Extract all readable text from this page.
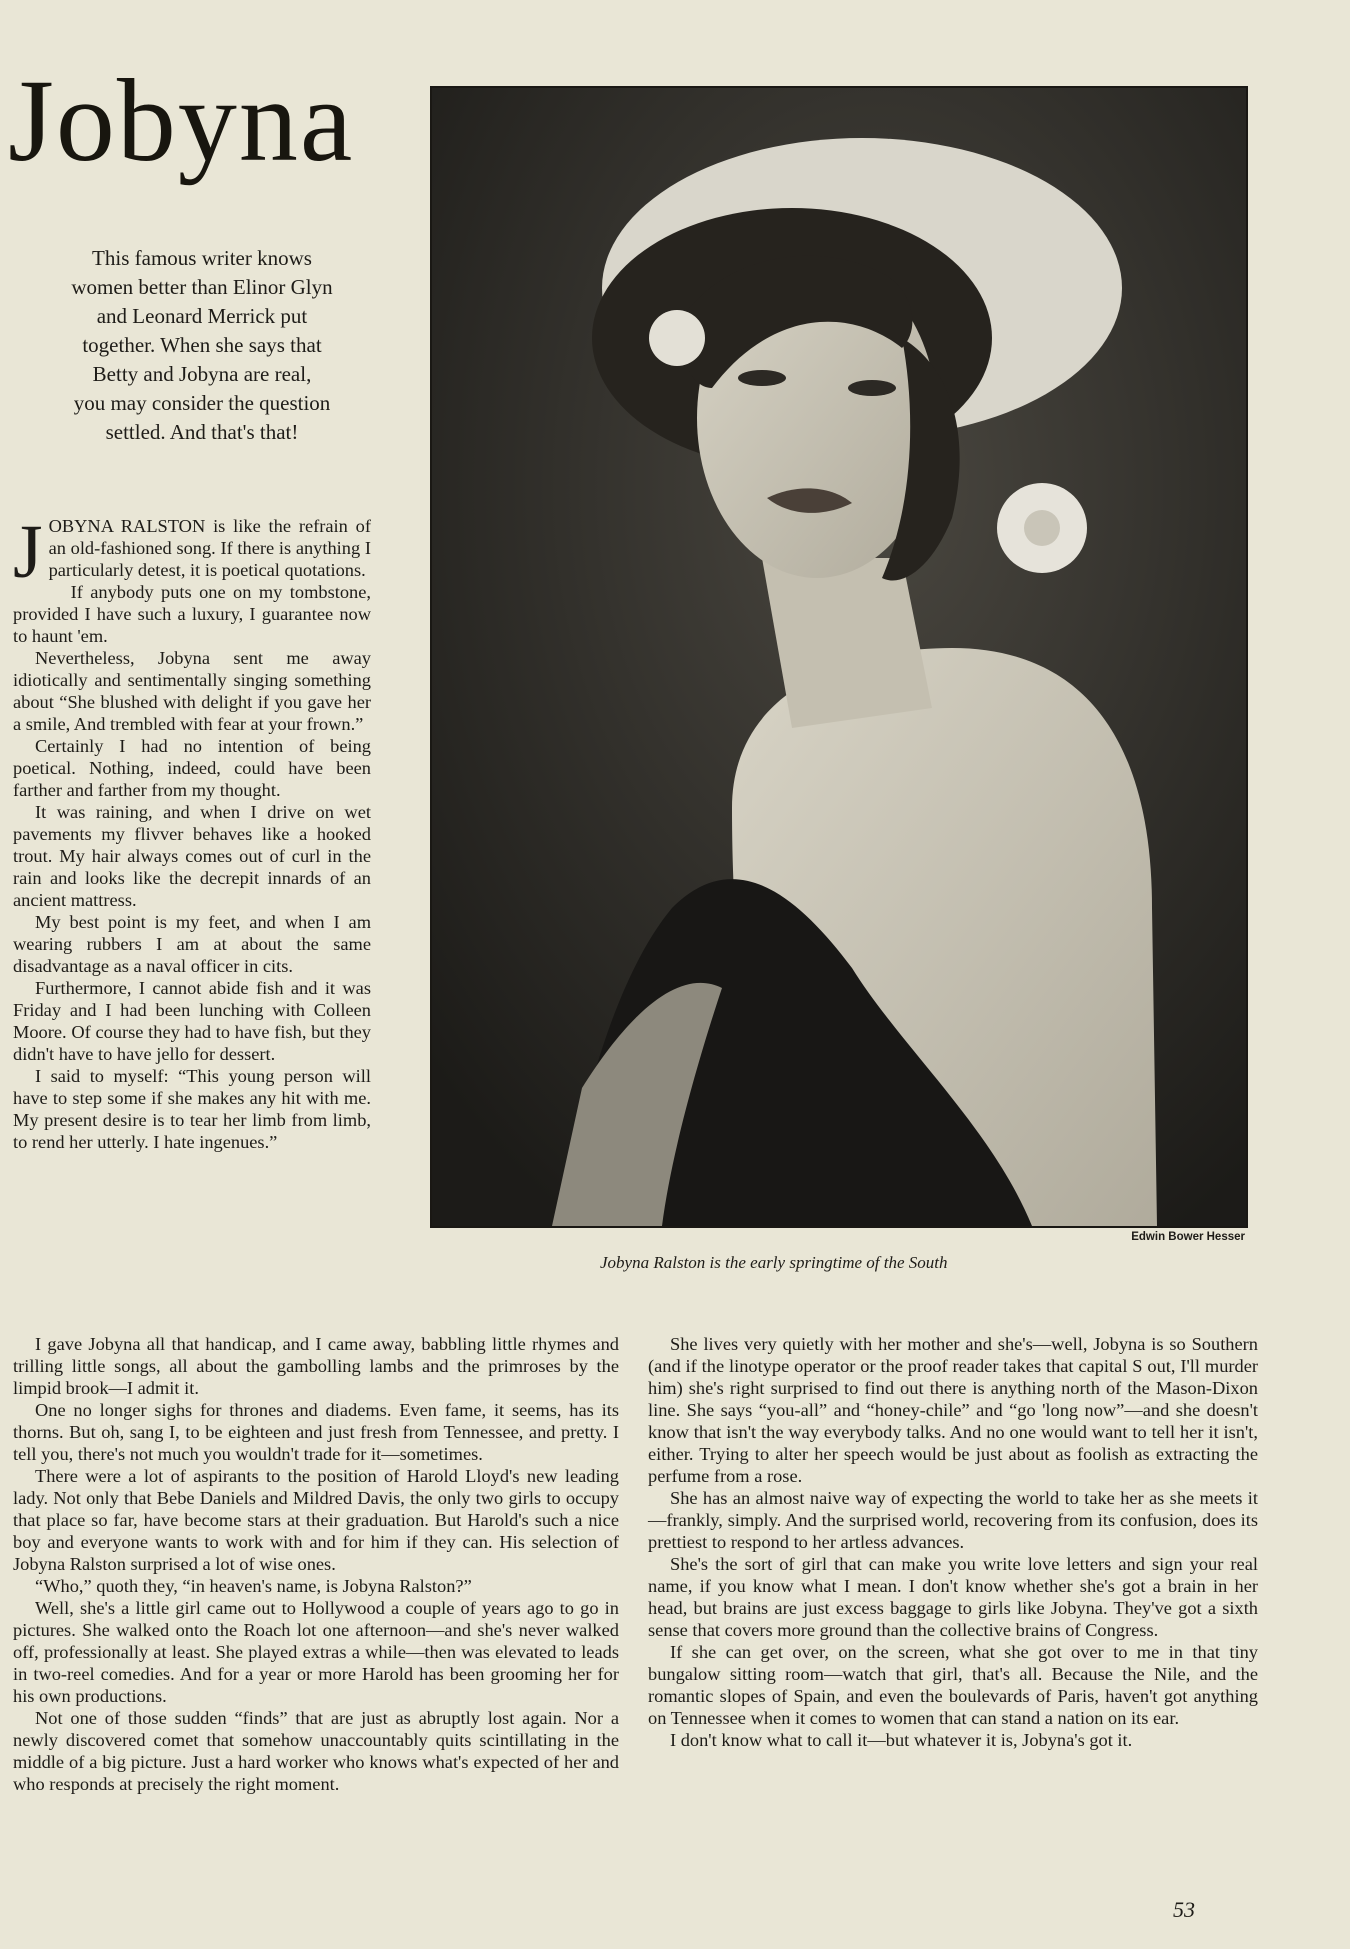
Jobyna
This famous writer knows
women better than Elinor Glyn
and Leonard Merrick put
together. When she says that
Betty and Jobyna are real,
you may consider the question
settled. And that's that!

JOBYNA RALSTON is like the refrain of an old-fashioned song. If there is anything I particularly detest, it is poetical quotations.

If anybody puts one on my tombstone, provided I have such a luxury, I guarantee now to haunt 'em.

Nevertheless, Jobyna sent me away idiotically and sentimentally singing something about “She blushed with delight if you gave her a smile, And trembled with fear at your frown.”

Certainly I had no intention of being poetical. Nothing, indeed, could have been farther and farther from my thought.

It was raining, and when I drive on wet pavements my flivver behaves like a hooked trout. My hair always comes out of curl in the rain and looks like the decrepit innards of an ancient mattress.

My best point is my feet, and when I am wearing rubbers I am at about the same disadvantage as a naval officer in cits.

Furthermore, I cannot abide fish and it was Friday and I had been lunching with Colleen Moore. Of course they had to have fish, but they didn't have to have jello for dessert.

I said to myself: “This young person will have to step some if she makes any hit with me. My present desire is to tear her limb from limb, to rend her utterly. I hate ingenues.”

Edwin Bower Hesser
Jobyna Ralston is the early springtime of the South

I gave Jobyna all that handicap, and I came away, babbling little rhymes and trilling little songs, all about the gambolling lambs and the primroses by the limpid brook—I admit it.

One no longer sighs for thrones and diadems. Even fame, it seems, has its thorns. But oh, sang I, to be eighteen and just fresh from Tennessee, and pretty. I tell you, there's not much you wouldn't trade for it—sometimes.

There were a lot of aspirants to the position of Harold Lloyd's new leading lady. Not only that Bebe Daniels and Mildred Davis, the only two girls to occupy that place so far, have become stars at their graduation. But Harold's such a nice boy and everyone wants to work with and for him if they can. His selection of Jobyna Ralston surprised a lot of wise ones.

“Who,” quoth they, “in heaven's name, is Jobyna Ralston?”

Well, she's a little girl came out to Hollywood a couple of years ago to go in pictures. She walked onto the Roach lot one afternoon—and she's never walked off, professionally at least. She played extras a while—then was elevated to leads in two-reel comedies. And for a year or more Harold has been grooming her for his own productions.

Not one of those sudden “finds” that are just as abruptly lost again. Nor a newly discovered comet that somehow unaccountably quits scintillating in the middle of a big picture. Just a hard worker who knows what's expected of her and who responds at precisely the right moment.

She lives very quietly with her mother and she's—well, Jobyna is so Southern (and if the linotype operator or the proof reader takes that capital S out, I'll murder him) she's right surprised to find out there is anything north of the Mason-Dixon line. She says “you-all” and “honey-chile” and “go 'long now”—and she doesn't know that isn't the way everybody talks. And no one would want to tell her it isn't, either. Trying to alter her speech would be just about as foolish as extracting the perfume from a rose.

She has an almost naive way of expecting the world to take her as she meets it—frankly, simply. And the surprised world, recovering from its confusion, does its prettiest to respond to her artless advances.

She's the sort of girl that can make you write love letters and sign your real name, if you know what I mean. I don't know whether she's got a brain in her head, but brains are just excess baggage to girls like Jobyna. They've got a sixth sense that covers more ground than the collective brains of Congress.

If she can get over, on the screen, what she got over to me in that tiny bungalow sitting room—watch that girl, that's all. Because the Nile, and the romantic slopes of Spain, and even the boulevards of Paris, haven't got anything on Tennessee when it comes to women that can stand a nation on its ear.

I don't know what to call it—but whatever it is, Jobyna's got it.

53
